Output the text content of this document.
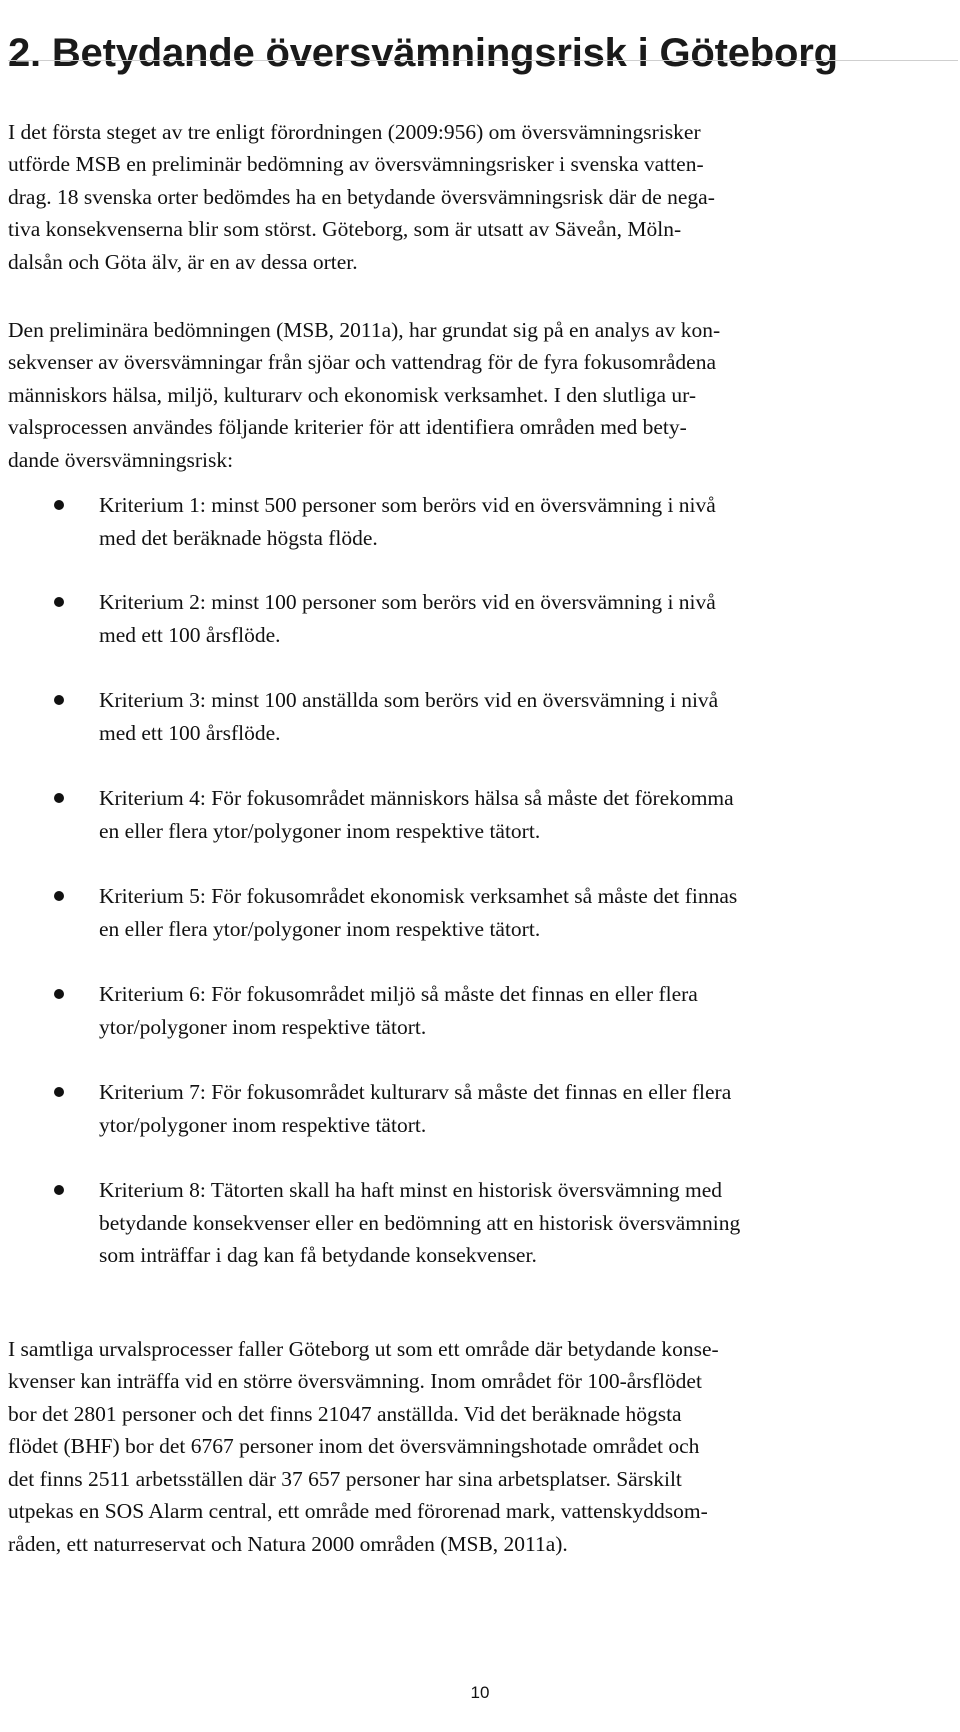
2. Betydande översvämningsrisk i Göteborg

I det första steget av tre enligt förordningen (2009:956) om översvämningsrisker
utförde MSB en preliminär bedömning av översvämningsrisker i svenska vatten-
drag. 18 svenska orter bedömdes ha en betydande översvämningsrisk där de nega-
tiva konsekvenserna blir som störst. Göteborg, som är utsatt av Säveån, Möln-
dalsån och Göta älv, är en av dessa orter.

Den preliminära bedömningen (MSB, 2011a), har grundat sig på en analys av kon-
sekvenser av översvämningar från sjöar och vattendrag för de fyra fokusområdena
människors hälsa, miljö, kulturarv och ekonomisk verksamhet. I den slutliga ur-
valsprocessen användes följande kriterier för att identifiera områden med bety-
dande översvämningsrisk:

Kriterium 1: minst 500 personer som berörs vid en översvämning i nivå
med det beräknade högsta flöde.
Kriterium 2: minst 100 personer som berörs vid en översvämning i nivå
med ett 100 årsflöde.
Kriterium 3: minst 100 anställda som berörs vid en översvämning i nivå
med ett 100 årsflöde.
Kriterium 4: För fokusområdet människors hälsa så måste det förekomma
en eller flera ytor/polygoner inom respektive tätort.
Kriterium 5: För fokusområdet ekonomisk verksamhet så måste det finnas
en eller flera ytor/polygoner inom respektive tätort.
Kriterium 6: För fokusområdet miljö så måste det finnas en eller flera
ytor/polygoner inom respektive tätort.
Kriterium 7: För fokusområdet kulturarv så måste det finnas en eller flera
ytor/polygoner inom respektive tätort.
Kriterium 8: Tätorten skall ha haft minst en historisk översvämning med
betydande konsekvenser eller en bedömning att en historisk översvämning
som inträffar i dag kan få betydande konsekvenser.

I samtliga urvalsprocesser faller Göteborg ut som ett område där betydande konse-
kvenser kan inträffa vid en större översvämning. Inom området för 100-årsflödet
bor det 2801 personer och det finns 21047 anställda. Vid det beräknade högsta
flödet (BHF) bor det 6767 personer inom det översvämningshotade området och
det finns 2511 arbetsställen där 37 657 personer har sina arbetsplatser. Särskilt
utpekas en SOS Alarm central, ett område med förorenad mark, vattenskyddsom-
råden, ett naturreservat och Natura 2000 områden (MSB, 2011a).

10
